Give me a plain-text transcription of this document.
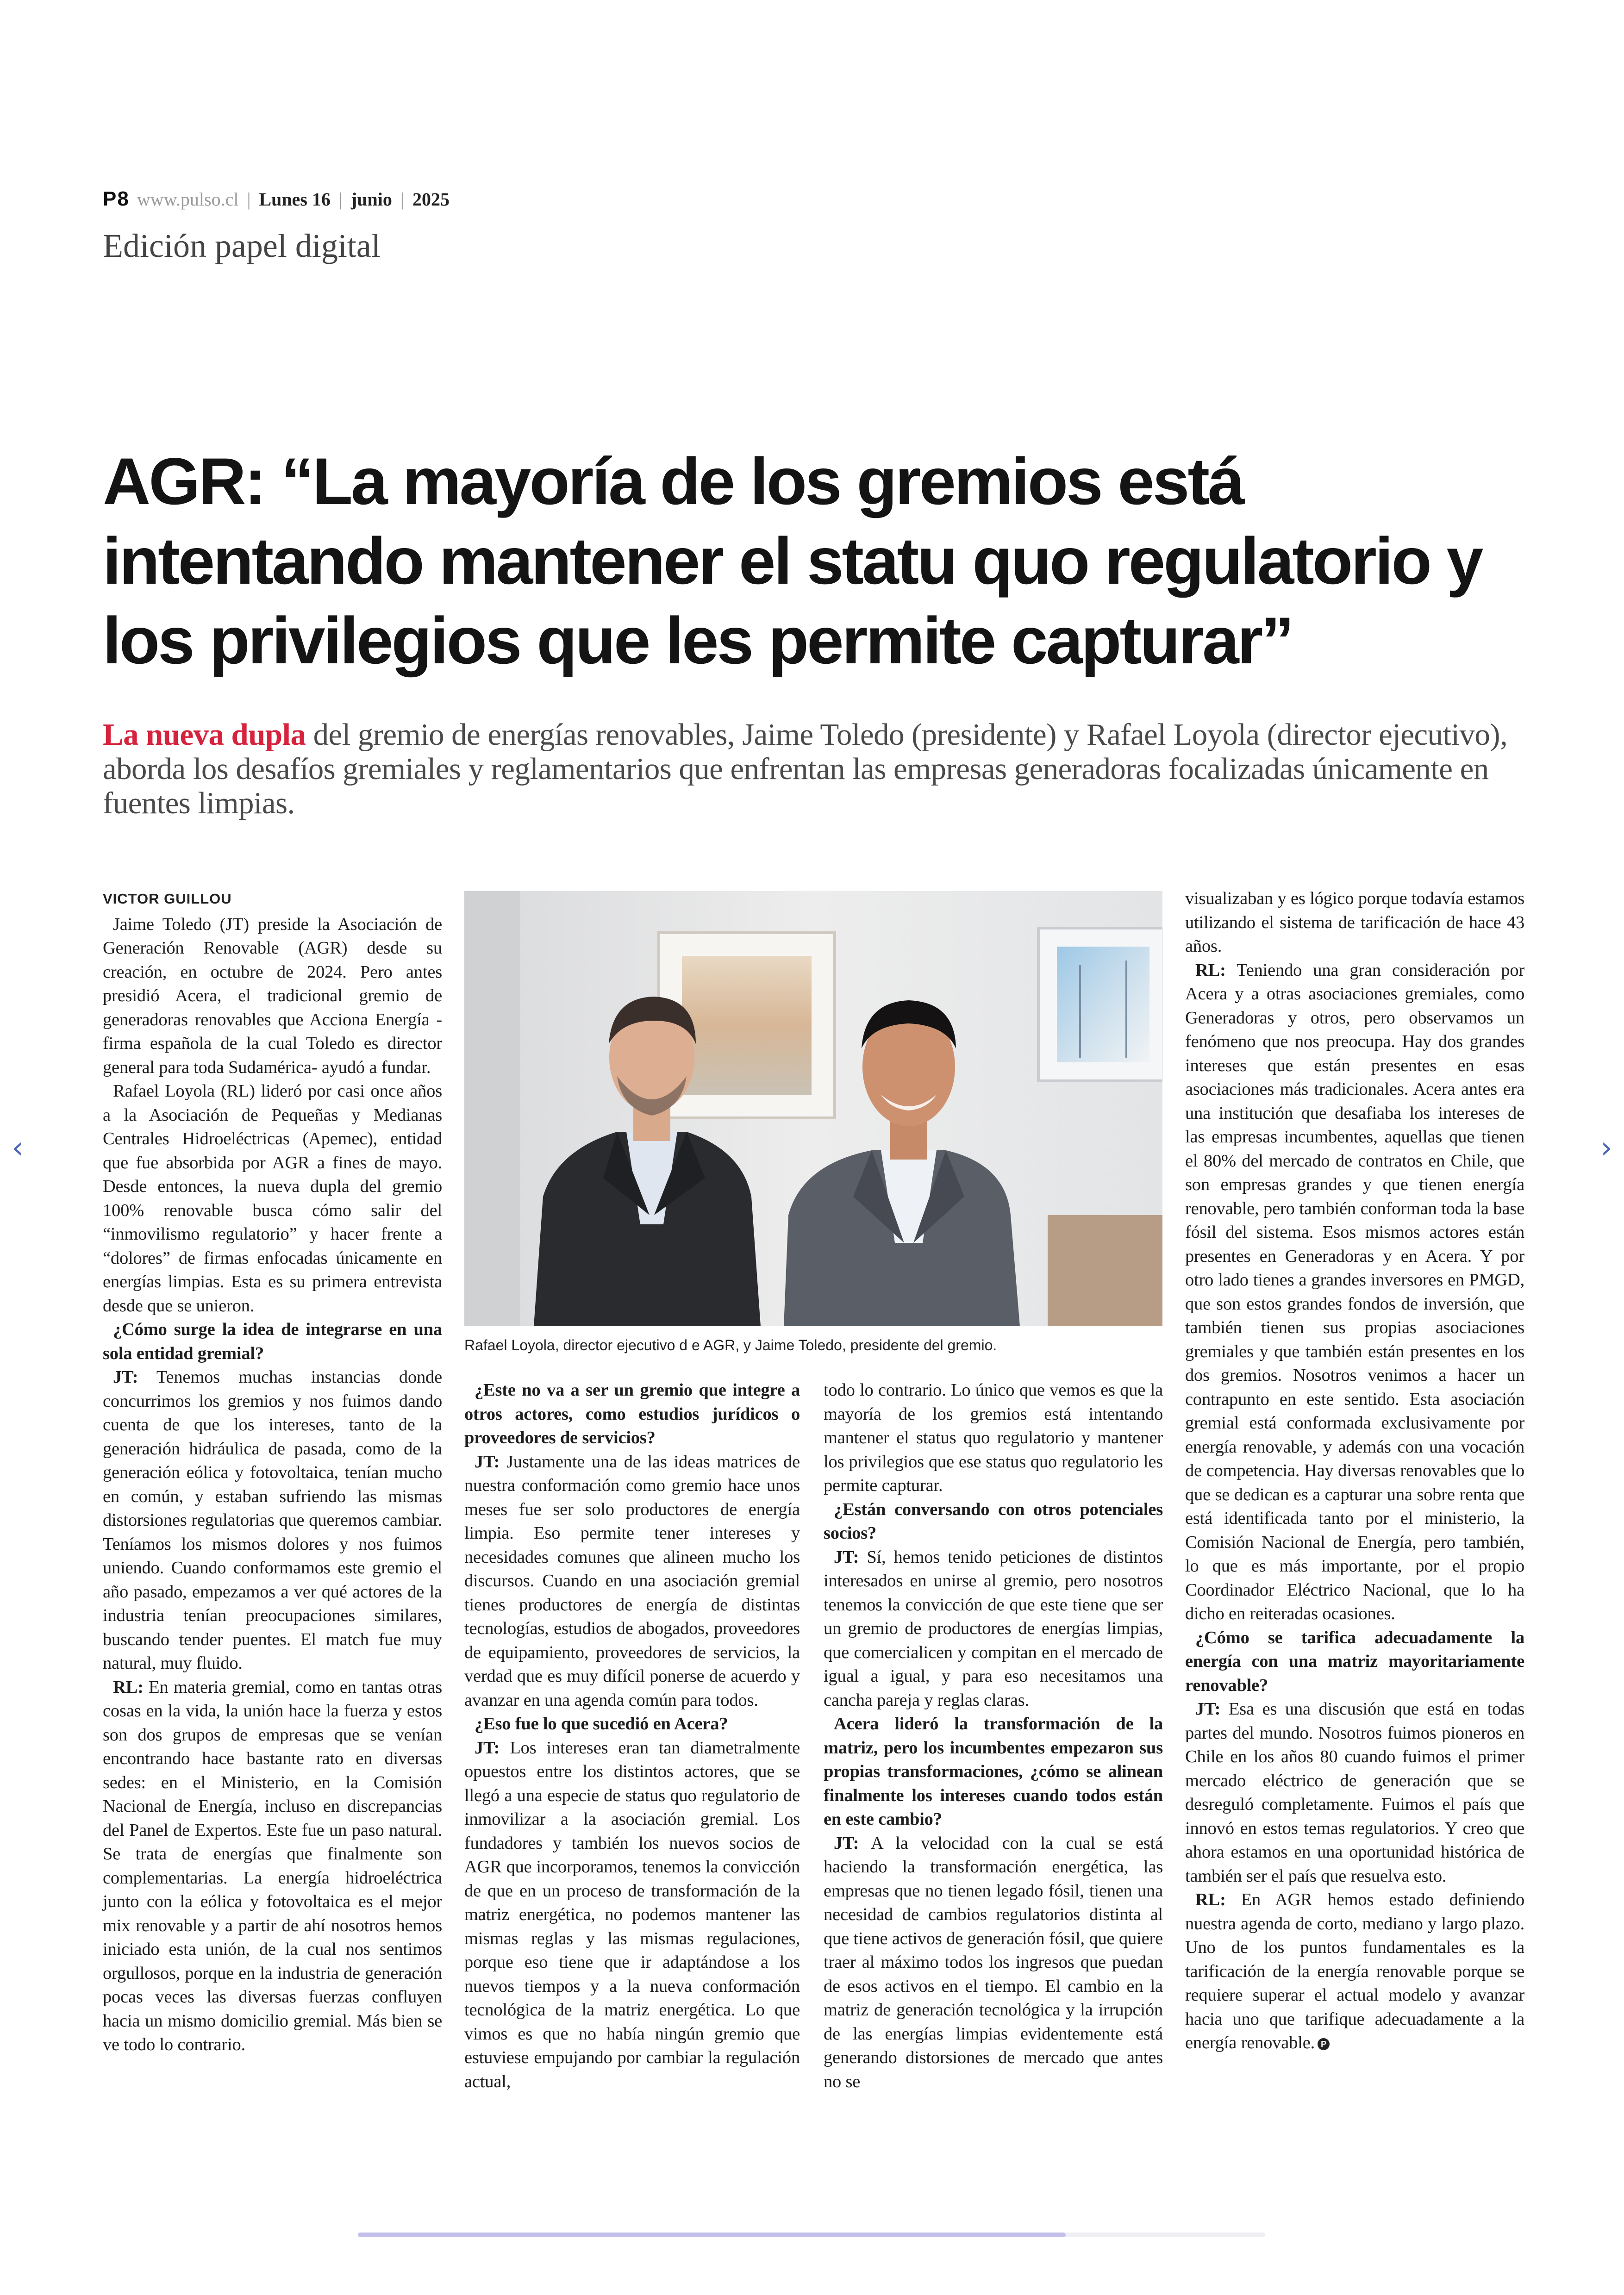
‹	›
P8 www.pulso.cl | Lunes 16 | junio | 2025
Edición papel digital
AGR: “La mayoría de los gremios está intentando mantener el statu quo regulatorio y los privilegios que les permite capturar”

La nueva dupla del gremio de energías renovables, Jaime Toledo (presidente) y Rafael Loyola (director ejecutivo), aborda los desafíos gremiales y reglamentarios que enfrentan las empresas generadoras focalizadas únicamente en fuentes limpias.

Rafael Loyola, director ejecutivo d e AGR, y Jaime Toledo, presidente del gremio.

VICTOR GUILLOU

Jaime Toledo (JT) preside la Asociación de Generación Renovable (AGR) desde su creación, en octubre de 2024. Pero antes presidió Acera, el tradicional gremio de generadoras renovables que Acciona Energía -firma española de la cual Toledo es director general para toda Sudamérica- ayudó a fundar.

Rafael Loyola (RL) lideró por casi once años a la Asociación de Pequeñas y Medianas Centrales Hidroeléctricas (Apemec), entidad que fue absorbida por AGR a fines de mayo. Desde entonces, la nueva dupla del gremio 100% renovable busca cómo salir del “inmovilismo regulatorio” y hacer frente a “dolores” de firmas enfocadas únicamente en energías limpias. Esta es su primera entrevista desde que se unieron.

¿Cómo surge la idea de integrarse en una sola entidad gremial?

JT: Tenemos muchas instancias donde concurrimos los gremios y nos fuimos dando cuenta de que los intereses, tanto de la generación hidráulica de pasada, como de la generación eólica y fotovoltaica, tenían mucho en común, y estaban sufriendo las mismas distorsiones regulatorias que queremos cambiar. Teníamos los mismos dolores y nos fuimos uniendo. Cuando conformamos este gremio el año pasado, empezamos a ver qué actores de la industria tenían preocupaciones similares, buscando tender puentes. El match fue muy natural, muy fluido.

RL: En materia gremial, como en tantas otras cosas en la vida, la unión hace la fuerza y estos son dos grupos de empresas que se venían encontrando hace bastante rato en diversas sedes: en el Ministerio, en la Comisión Nacional de Energía, incluso en discrepancias del Panel de Expertos. Este fue un paso natural. Se trata de energías que finalmente son complementarias. La energía hidroeléctrica junto con la eólica y fotovoltaica es el mejor mix renovable y a partir de ahí nosotros hemos iniciado esta unión, de la cual nos sentimos orgullosos, porque en la industria de generación pocas veces las diversas fuerzas confluyen hacia un mismo domicilio gremial. Más bien se ve todo lo contrario.

¿Este no va a ser un gremio que integre a otros actores, como estudios jurídicos o proveedores de servicios?

JT: Justamente una de las ideas matrices de nuestra conformación como gremio hace unos meses fue ser solo productores de energía limpia. Eso permite tener intereses y necesidades comunes que alineen mucho los discursos. Cuando en una asociación gremial tienes productores de energía de distintas tecnologías, estudios de abogados, proveedores de equipamiento, proveedores de servicios, la verdad que es muy difícil ponerse de acuerdo y avanzar en una agenda común para todos.

¿Eso fue lo que sucedió en Acera?

JT: Los intereses eran tan diametralmente opuestos entre los distintos actores, que se llegó a una especie de status quo regulatorio de inmovilizar a la asociación gremial. Los fundadores y también los nuevos socios de AGR que incorporamos, tenemos la convicción de que en un proceso de transformación de la matriz energética, no podemos mantener las mismas reglas y las mismas regulaciones, porque eso tiene que ir adaptándose a los nuevos tiempos y a la nueva conformación tecnológica de la matriz energética. Lo que vimos es que no había ningún gremio que estuviese empujando por cambiar la regulación actual,

todo lo contrario. Lo único que vemos es que la mayoría de los gremios está intentando mantener el status quo regulatorio y mantener los privilegios que ese status quo regulatorio les permite capturar.

¿Están conversando con otros potenciales socios?

JT: Sí, hemos tenido peticiones de distintos interesados en unirse al gremio, pero nosotros tenemos la convicción de que este tiene que ser un gremio de productores de energías limpias, que comercialicen y compitan en el mercado de igual a igual, y para eso necesitamos una cancha pareja y reglas claras.

Acera lideró la transformación de la matriz, pero los incumbentes empezaron sus propias transformaciones, ¿cómo se alinean finalmente los intereses cuando todos están en este cambio?

JT: A la velocidad con la cual se está haciendo la transformación energética, las empresas que no tienen legado fósil, tienen una necesidad de cambios regulatorios distinta al que tiene activos de generación fósil, que quiere traer al máximo todos los ingresos que puedan de esos activos en el tiempo. El cambio en la matriz de generación tecnológica y la irrupción de las energías limpias evidentemente está generando distorsiones de mercado que antes no se

visualizaban y es lógico porque todavía estamos utilizando el sistema de tarificación de hace 43 años.

RL: Teniendo una gran consideración por Acera y a otras asociaciones gremiales, como Generadoras y otros, pero observamos un fenómeno que nos preocupa. Hay dos grandes intereses que están presentes en esas asociaciones más tradicionales. Acera antes era una institución que desafiaba los intereses de las empresas incumbentes, aquellas que tienen el 80% del mercado de contratos en Chile, que son empresas grandes y que tienen energía renovable, pero también conforman toda la base fósil del sistema. Esos mismos actores están presentes en Generadoras y en Acera. Y por otro lado tienes a grandes inversores en PMGD, que son estos grandes fondos de inversión, que también tienen sus propias asociaciones gremiales y que también están presentes en los dos gremios. Nosotros venimos a hacer un contrapunto en este sentido. Esta asociación gremial está conformada exclusivamente por energía renovable, y además con una vocación de competencia. Hay diversas renovables que lo que se dedican es a capturar una sobre renta que está identificada tanto por el ministerio, la Comisión Nacional de Energía, pero también, lo que es más importante, por el propio Coordinador Eléctrico Nacional, que lo ha dicho en reiteradas ocasiones.

¿Cómo se tarifica adecuadamente la energía con una matriz mayoritariamente renovable?

JT: Esa es una discusión que está en todas partes del mundo. Nosotros fuimos pioneros en Chile en los años 80 cuando fuimos el primer mercado eléctrico de generación que se desreguló completamente. Fuimos el país que innovó en estos temas regulatorios. Y creo que ahora estamos en una oportunidad histórica de también ser el país que resuelva esto.

RL: En AGR hemos estado definiendo nuestra agenda de corto, mediano y largo plazo. Uno de los puntos fundamentales es la tarificación de la energía renovable porque se requiere superar el actual modelo y avanzar hacia uno que tarifique adecuadamente a la energía renovable. P
